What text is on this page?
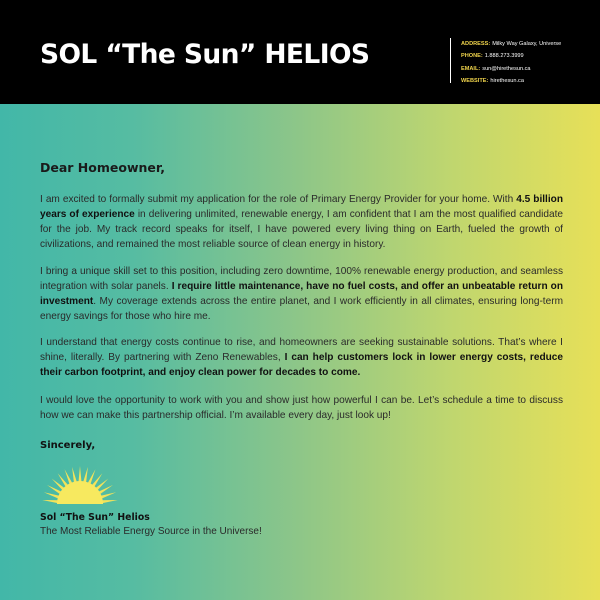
SOL “The Sun” HELIOS	ADDRESS: Milky Way Galaxy, Universe
PHONE: 1.888.273.3999
EMAIL: sun@hirethesun.ca
WEBSITE: hirethesun.ca
Dear Homeowner,

I am excited to formally submit my application for the role of Primary Energy Provider for your home. With 4.5 billion years of experience in delivering unlimited, renewable energy, I am confident that I am the most qualified candidate for the job. My track record speaks for itself, I have powered every living thing on Earth, fueled the growth of civilizations, and remained the most reliable source of clean energy in history.

I bring a unique skill set to this position, including zero downtime, 100% renewable energy production, and seamless integration with solar panels. I require little maintenance, have no fuel costs, and offer an unbeatable return on investment. My coverage extends across the entire planet, and I work efficiently in all climates, ensuring long-term energy savings for those who hire me.

I understand that energy costs continue to rise, and homeowners are seeking sustainable solutions. That’s where I shine, literally. By partnering with Zeno Renewables, I can help customers lock in lower energy costs, reduce their carbon footprint, and enjoy clean power for decades to come.

I would love the opportunity to work with you and show just how powerful I can be. Let’s schedule a time to discuss how we can make this partnership official. I’m available every day, just look up!

Sincerely,
Sol “The Sun” Helios
The Most Reliable Energy Source in the Universe!
